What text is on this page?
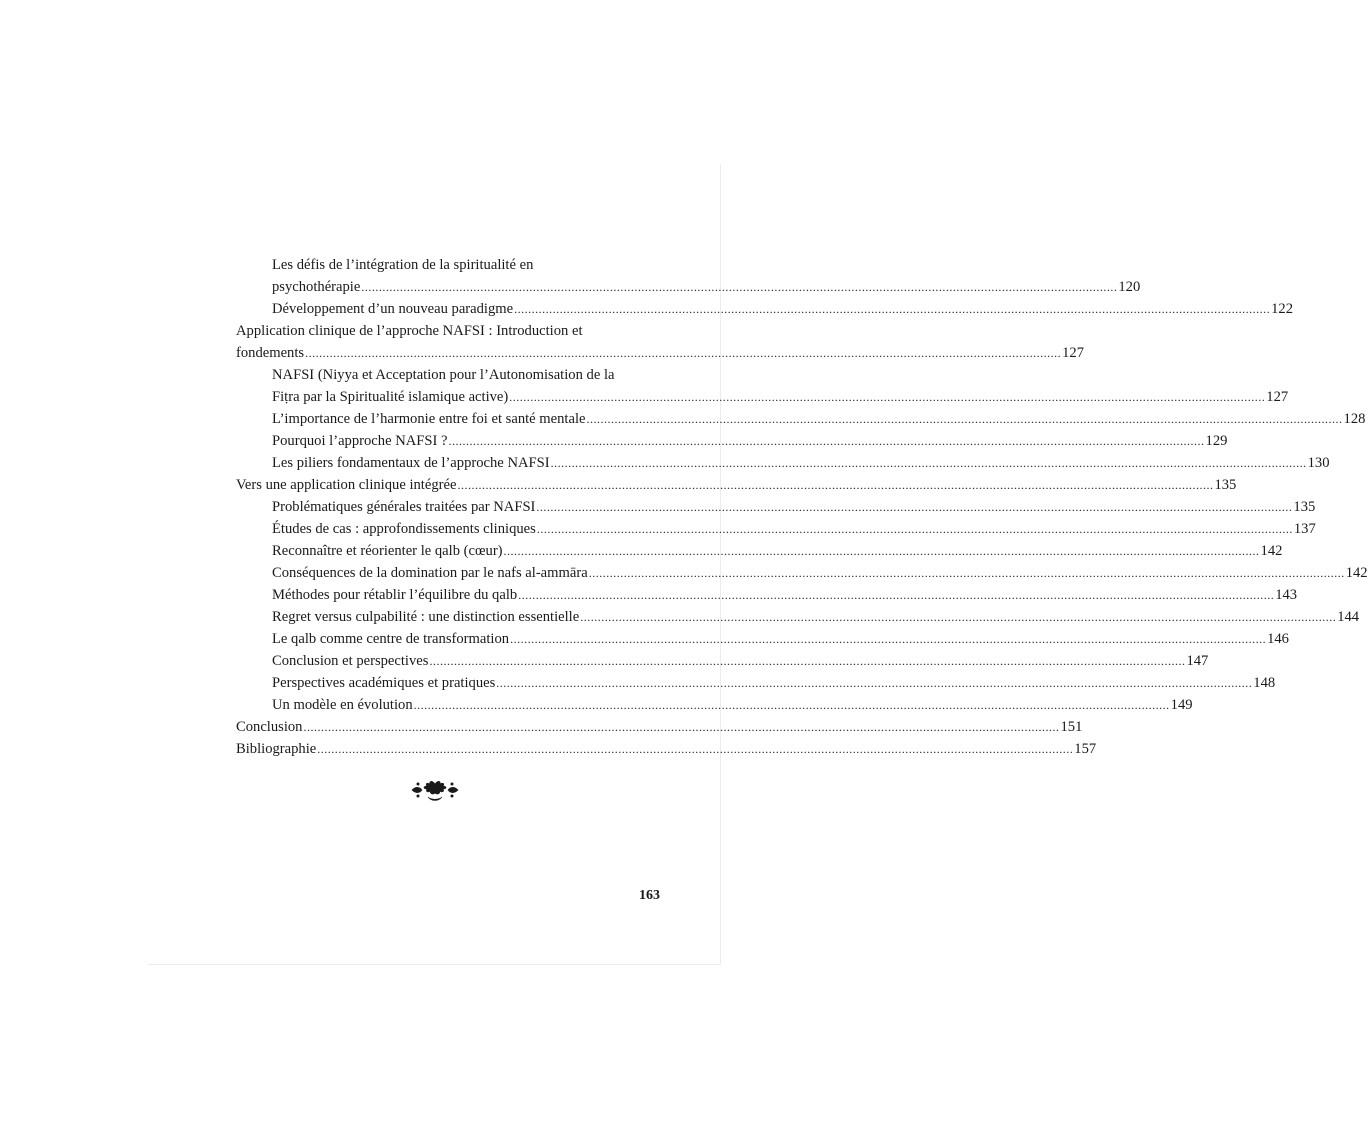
Les défis de l’intégration de la spiritualité en
psychothérapie .....	120
Développement d’un nouveau paradigme .....	122
Application clinique de l’approche NAFSI : Introduction et
fondements .....	127
NAFSI (Niyya et Acceptation pour l’Autonomisation de la
Fiṭra par la Spiritualité islamique active) .....	127
L’importance de l’harmonie entre foi et santé mentale .....	128
Pourquoi l’approche NAFSI ? .....	129
Les piliers fondamentaux de l’approche NAFSI .....	130
Vers une application clinique intégrée .....	135
Problématiques générales traitées par NAFSI .....	135
Études de cas : approfondissements cliniques .....	137
Reconnaître et réorienter le qalb (cœur) .....	142
Conséquences de la domination par le nafs al-ammāra .....	142
Méthodes pour rétablir l’équilibre du qalb .....	143
Regret versus culpabilité : une distinction essentielle .....	144
Le qalb comme centre de transformation .....	146
Conclusion et perspectives .....	147
Perspectives académiques et pratiques .....	148
Un modèle en évolution .....	149
Conclusion .....	151
Bibliographie .....	157
163
